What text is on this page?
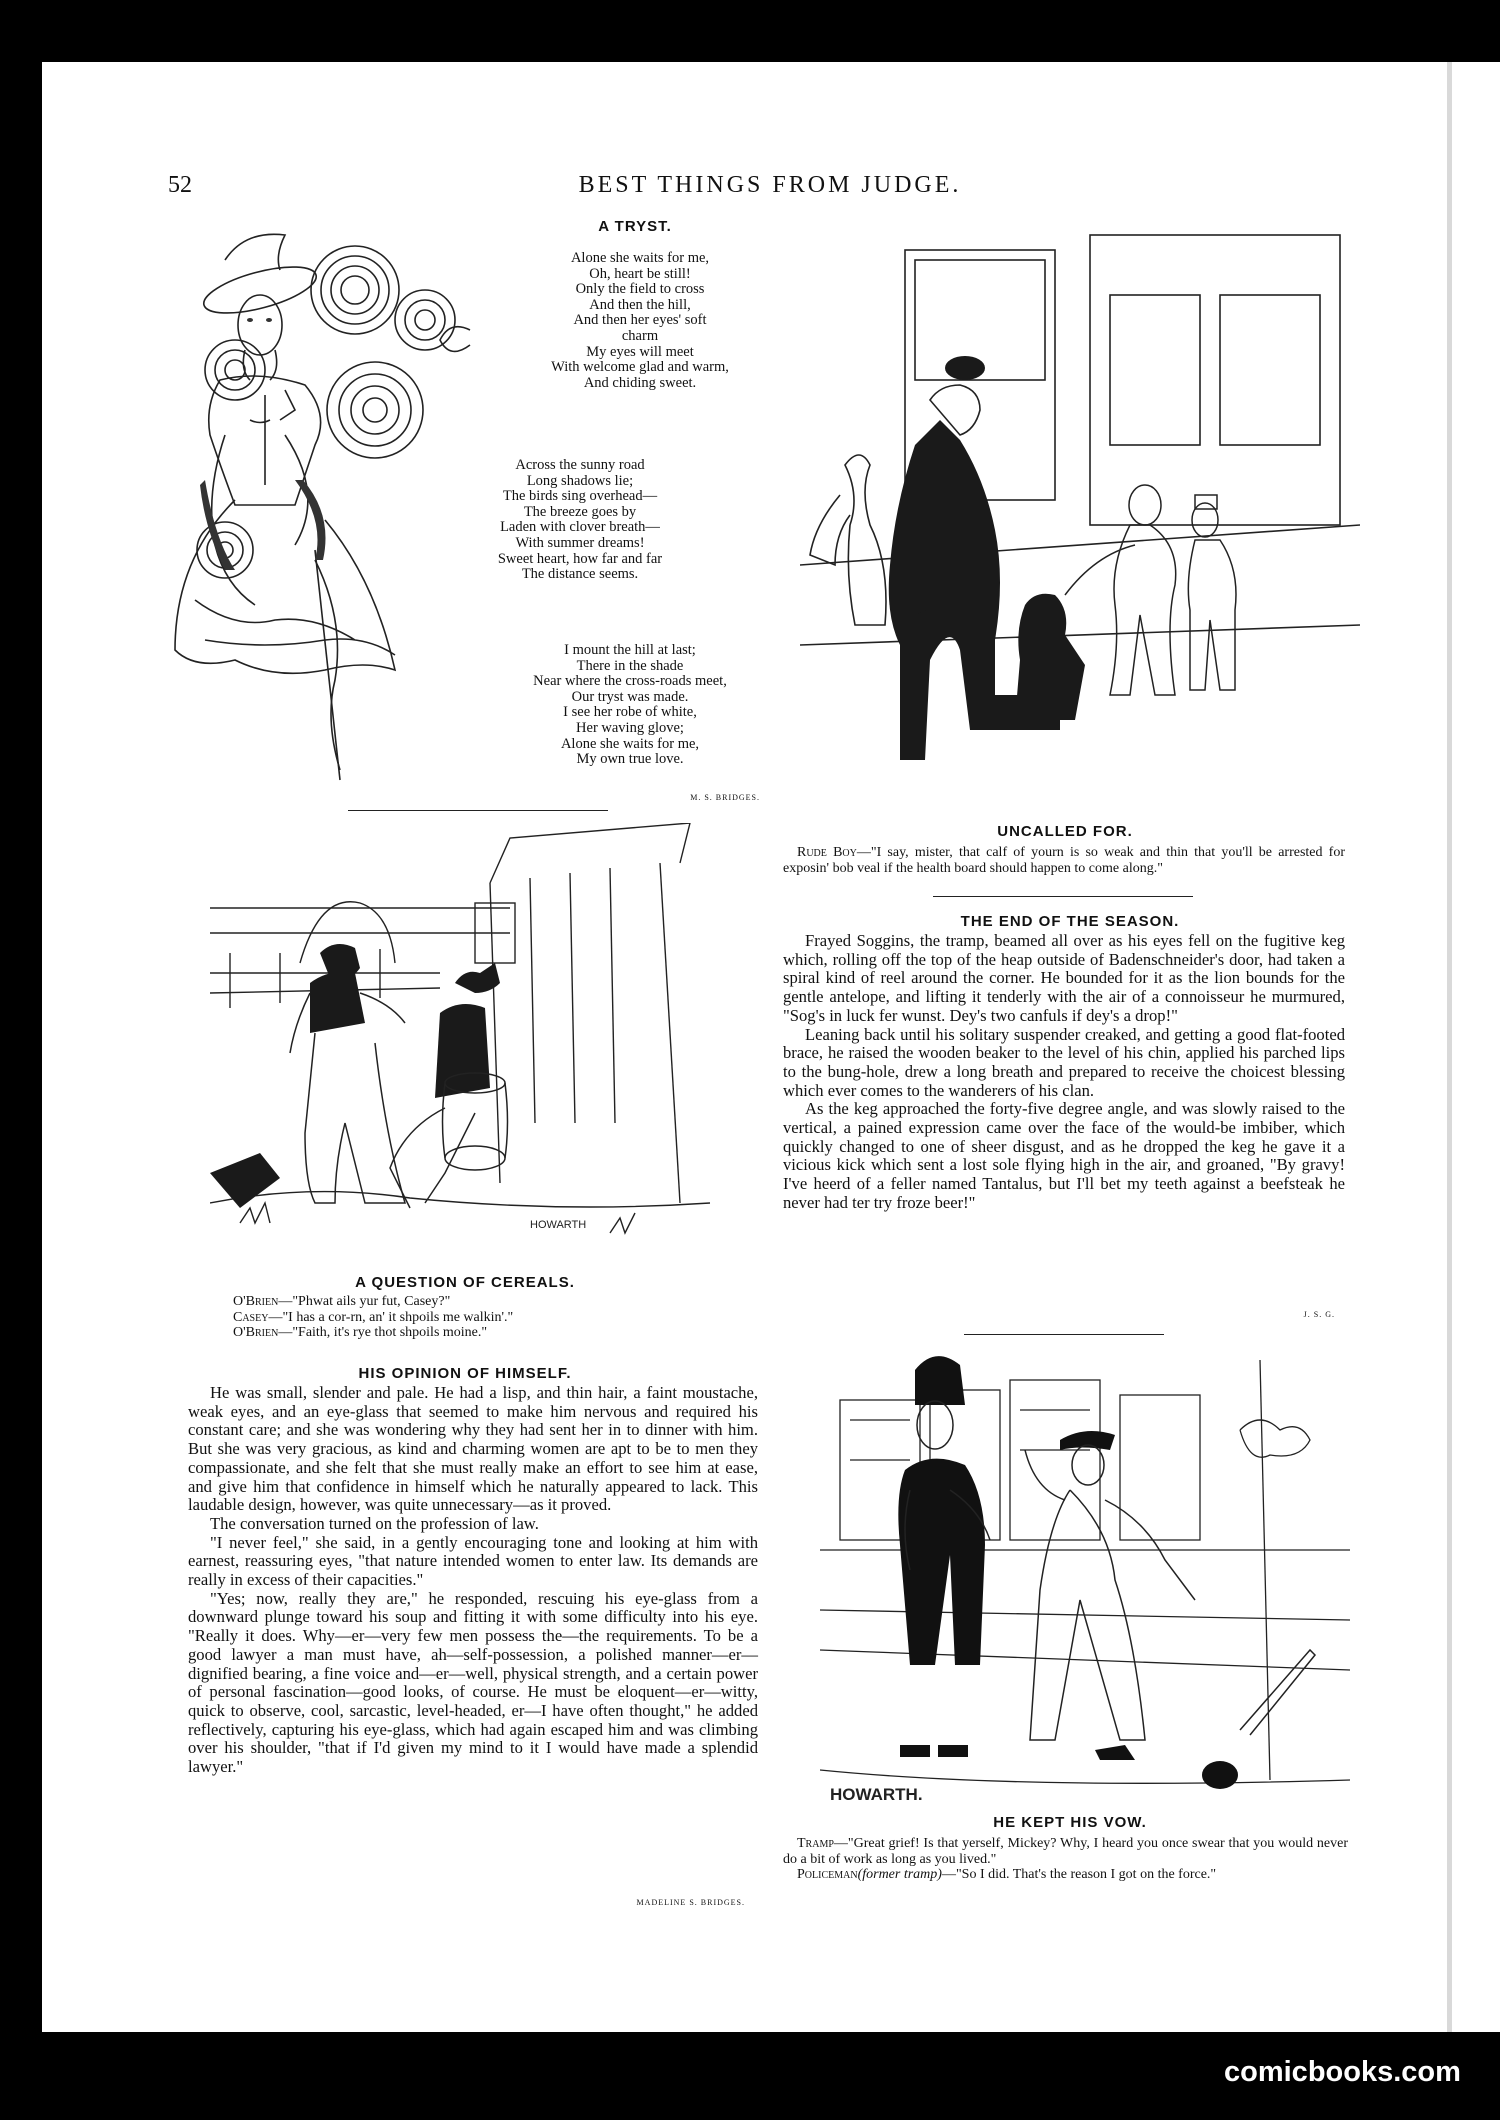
52	BEST THINGS FROM JUDGE.
A TRYST.
Alone she waits for me,
Oh, heart be still!
Only the field to cross
And then the hill,
And then her eyes' soft
charm
My eyes will meet
With welcome glad and warm,
And chiding sweet.
Across the sunny road
Long shadows lie;
The birds sing overhead—
The breeze goes by
Laden with clover breath—
With summer dreams!
Sweet heart, how far and far
The distance seems.
I mount the hill at last;
There in the shade
Near where the cross-roads meet,
Our tryst was made.
I see her robe of white,
Her waving glove;
Alone she waits for me,
My own true love.
M. S. BRIDGES.
UNCALLED FOR.

Rude Boy—"I say, mister, that calf of yourn is so weak and thin that you'll be arrested for exposin' bob veal if the health board should happen to come along."

THE END OF THE SEASON.

Frayed Soggins, the tramp, beamed all over as his eyes fell on the fugitive keg which, rolling off the top of the heap outside of Badenschneider's door, had taken a spiral kind of reel around the corner. He bounded for it as the lion bounds for the gentle antelope, and lifting it tenderly with the air of a connoisseur he murmured, "Sog's in luck fer wunst. Dey's two canfuls if dey's a drop!"

Leaning back until his solitary suspender creaked, and getting a good flat-footed brace, he raised the wooden beaker to the level of his chin, applied his parched lips to the bung-hole, drew a long breath and prepared to receive the choicest blessing which ever comes to the wanderers of his clan.

As the keg approached the forty-five degree angle, and was slowly raised to the vertical, a pained expression came over the face of the would-be imbiber, which quickly changed to one of sheer disgust, and as he dropped the keg he gave it a vicious kick which sent a lost sole flying high in the air, and groaned, "By gravy! I've heerd of a feller named Tantalus, but I'll bet my teeth against a beefsteak he never had ter try froze beer!"

J. S. G.
HOWARTH
A QUESTION OF CEREALS.
O'Brien—"Phwat ails yur fut, Casey?"
Casey—"I has a cor-rn, an' it shpoils me walkin'."
O'Brien—"Faith, it's rye thot shpoils moine."
HIS OPINION OF HIMSELF.

He was small, slender and pale. He had a lisp, and thin hair, a faint moustache, weak eyes, and an eye-glass that seemed to make him nervous and required his constant care; and she was wondering why they had sent her in to dinner with him. But she was very gracious, as kind and charming women are apt to be to men they compassionate, and she felt that she must really make an effort to see him at ease, and give him that confidence in himself which he naturally appeared to lack. This laudable design, however, was quite unnecessary—as it proved.

The conversation turned on the profession of law.

"I never feel," she said, in a gently encouraging tone and looking at him with earnest, reassuring eyes, "that nature intended women to enter law. Its demands are really in excess of their capacities."

"Yes; now, really they are," he responded, rescuing his eye-glass from a downward plunge toward his soup and fitting it with some difficulty into his eye. "Really it does. Why—er—very few men possess the—the requirements. To be a good lawyer a man must have, ah—self-possession, a polished manner—er—dignified bearing, a fine voice and—er—well, physical strength, and a certain power of personal fascination—good looks, of course. He must be eloquent—er—witty, quick to observe, cool, sarcastic, level-headed, er—I have often thought," he added reflectively, capturing his eye-glass, which had again escaped him and was climbing over his shoulder, "that if I'd given my mind to it I would have made a splendid lawyer."

MADELINE S. BRIDGES.
HOWARTH.
HE KEPT HIS VOW.

Tramp—"Great grief! Is that yerself, Mickey? Why, I heard you once swear that you would never do a bit of work as long as you lived."

Policeman(former tramp)—"So I did. That's the reason I got on the force."

comicbooks.com
